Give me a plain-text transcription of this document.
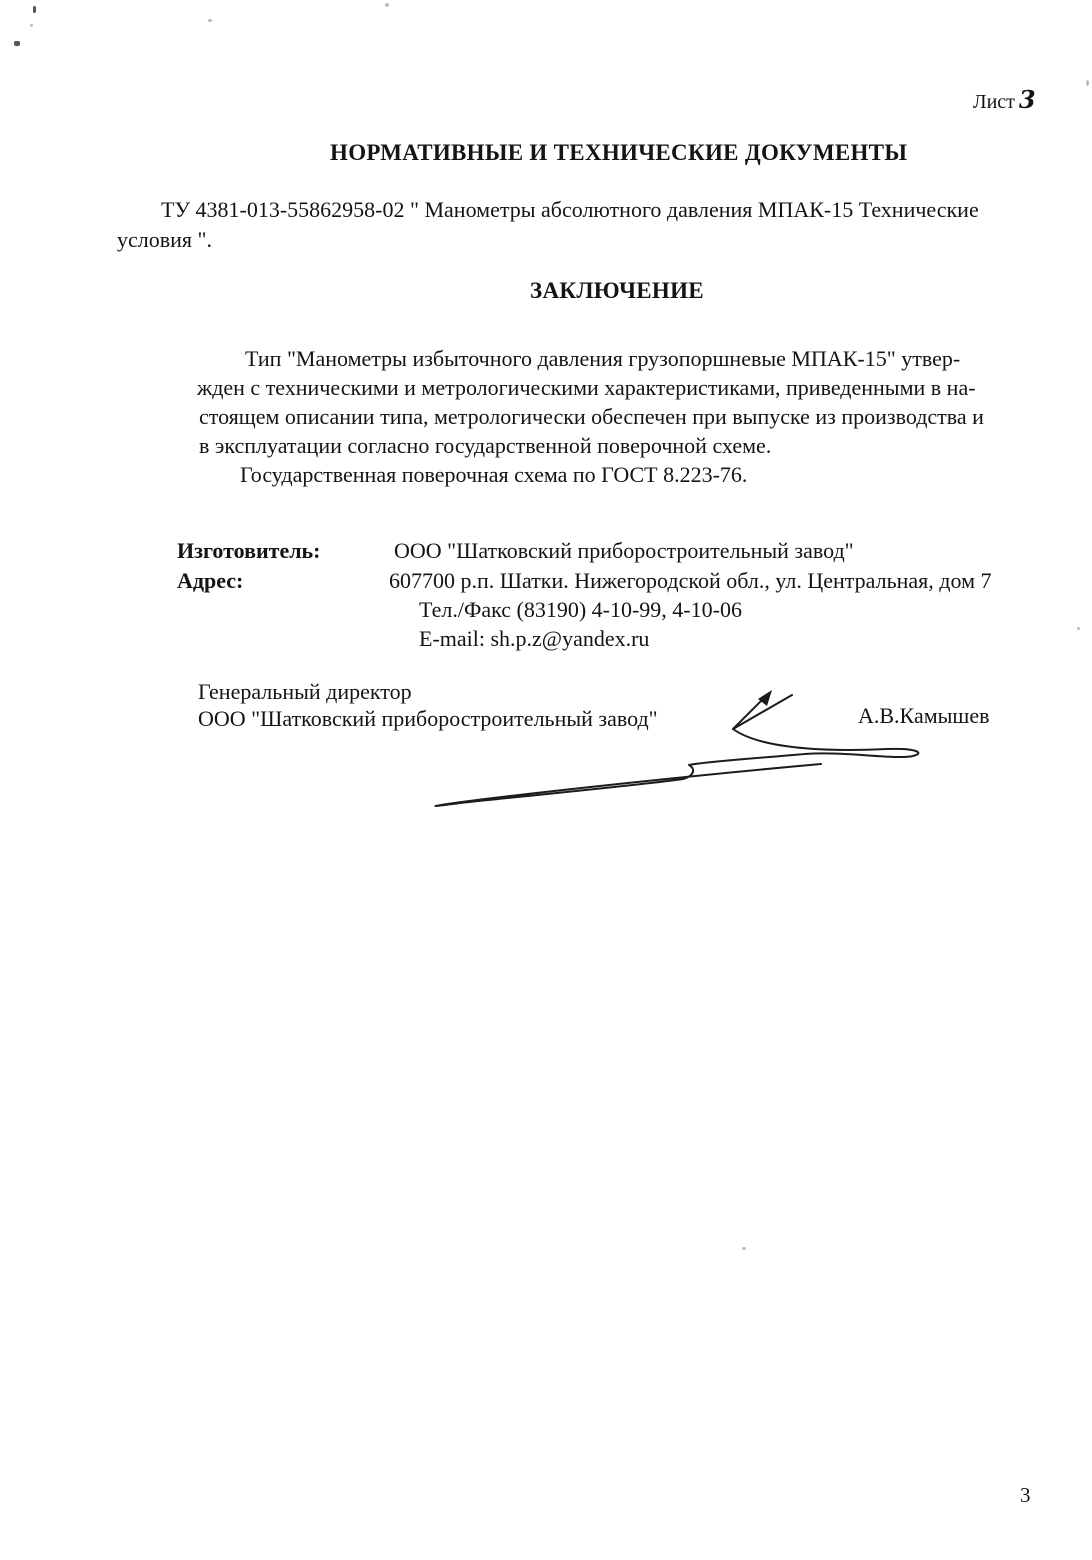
Лист 3
НОРМАТИВНЫЕ И ТЕХНИЧЕСКИЕ ДОКУМЕНТЫ
ТУ 4381-013-55862958-02 " Манометры абсолютного давления МПАК-15 Технические
условия ".
ЗАКЛЮЧЕНИЕ
Тип "Манометры избыточного давления грузопоршневые МПАК-15" утвер-
жден с техническими и метрологическими характеристиками, приведенными в на-
стоящем описании типа, метрологически обеспечен при выпуске из производства и
в эксплуатации согласно государственной поверочной схеме.
Государственная поверочная схема по ГОСТ 8.223-76.
Изготовитель:	ООО "Шатковский приборостроительный завод"
Адрес:	607700 р.п. Шатки. Нижегородской обл., ул. Центральная, дом 7
Тел./Факс (83190) 4-10-99, 4-10-06
E-mail: sh.p.z@yandex.ru
Генеральный директор
ООО "Шатковский приборостроительный завод"	А.В.Камышев
3
